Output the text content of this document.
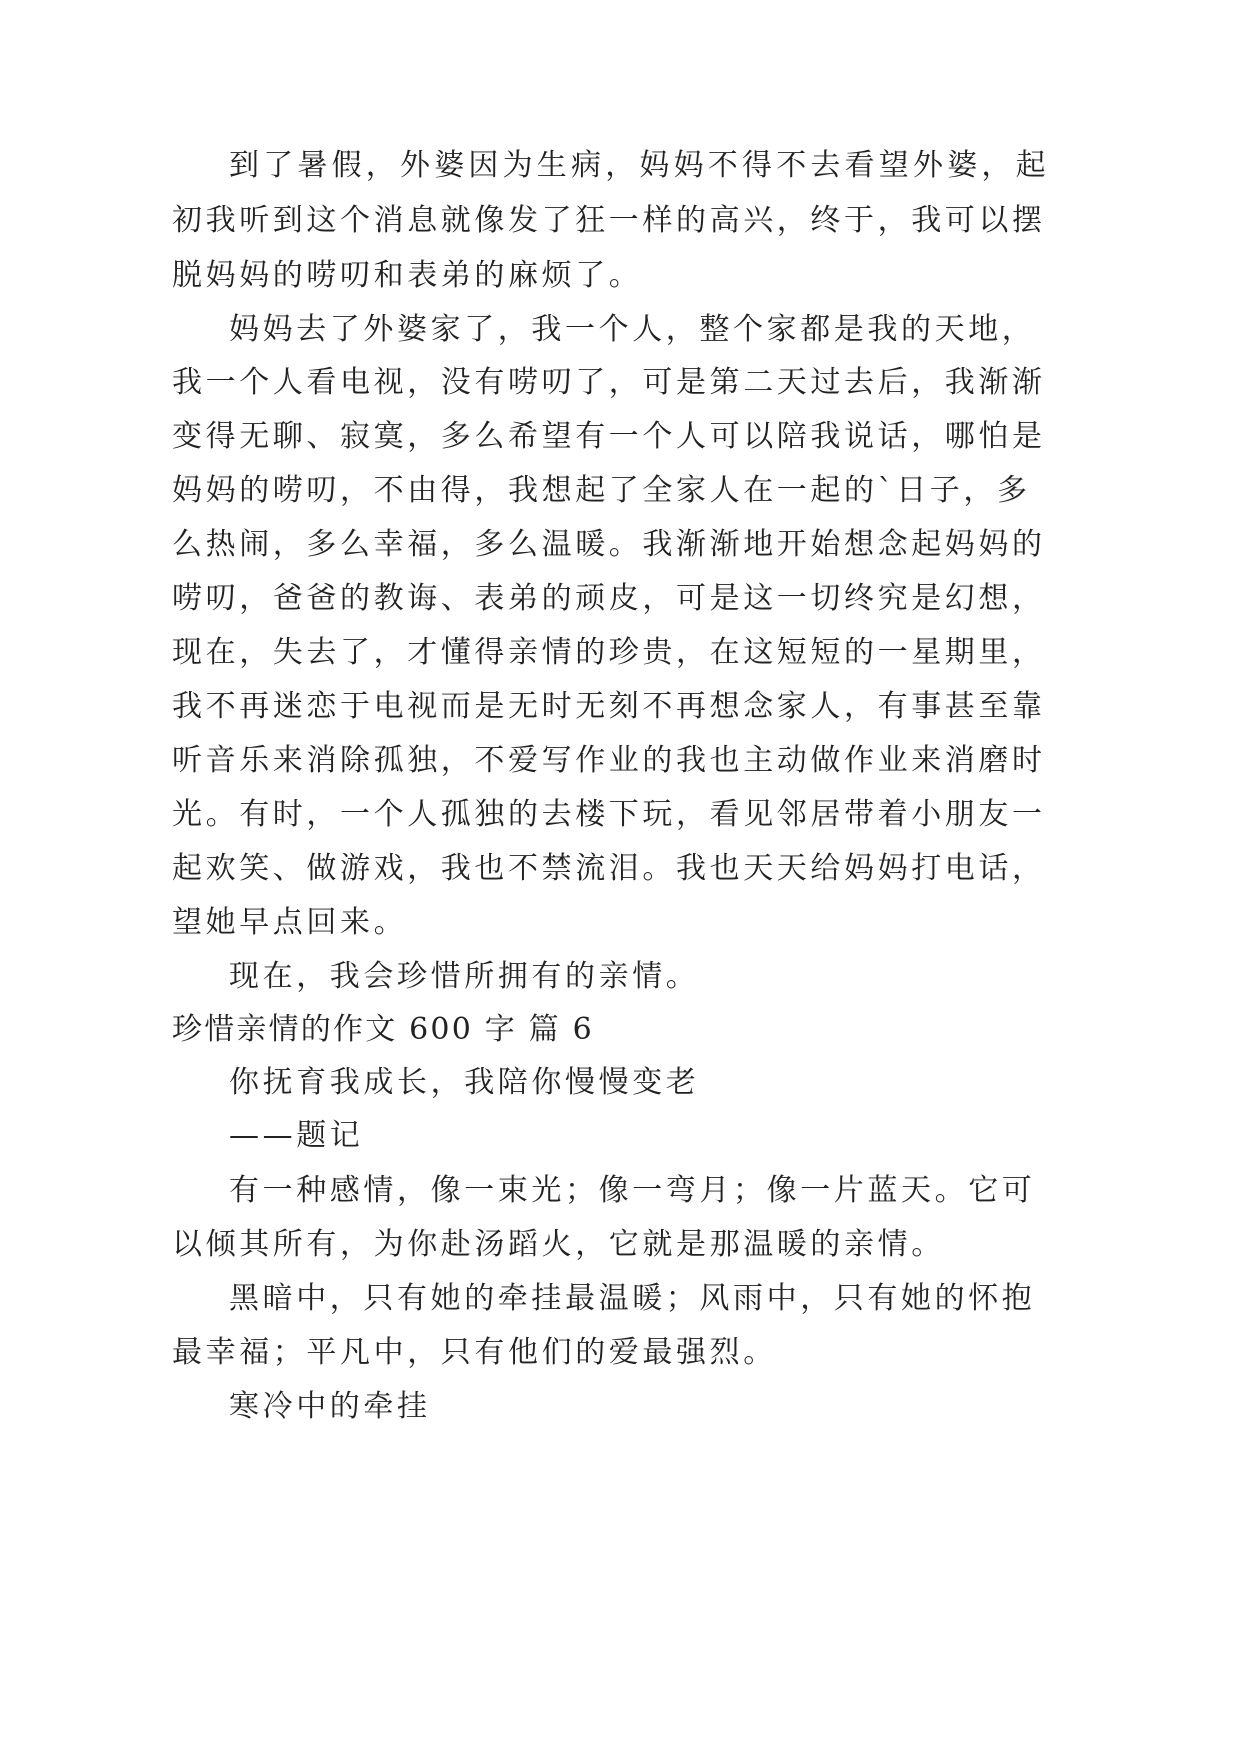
到了暑假，外婆因为生病，妈妈不得不去看望外婆，起
初我听到这个消息就像发了狂一样的高兴，终于，我可以摆
脱妈妈的唠叨和表弟的麻烦了。
妈妈去了外婆家了，我一个人，整个家都是我的天地，
我一个人看电视，没有唠叨了，可是第二天过去后，我渐渐
变得无聊、寂寞，多么希望有一个人可以陪我说话，哪怕是
妈妈的唠叨，不由得，我想起了全家人在一起的`日子，多
么热闹，多么幸福，多么温暖。我渐渐地开始想念起妈妈的
唠叨，爸爸的教诲、表弟的顽皮，可是这一切终究是幻想，
现在，失去了，才懂得亲情的珍贵，在这短短的一星期里，
我不再迷恋于电视而是无时无刻不再想念家人，有事甚至靠
听音乐来消除孤独，不爱写作业的我也主动做作业来消磨时
光。有时，一个人孤独的去楼下玩，看见邻居带着小朋友一
起欢笑、做游戏，我也不禁流泪。我也天天给妈妈打电话，
望她早点回来。
现在，我会珍惜所拥有的亲情。
珍惜亲情的作文 600 字 篇 6
你抚育我成长，我陪你慢慢变老
——题记
有一种感情，像一束光；像一弯月；像一片蓝天。它可
以倾其所有，为你赴汤蹈火，它就是那温暖的亲情。
黑暗中，只有她的牵挂最温暖；风雨中，只有她的怀抱
最幸福；平凡中，只有他们的爱最强烈。
寒冷中的牵挂
